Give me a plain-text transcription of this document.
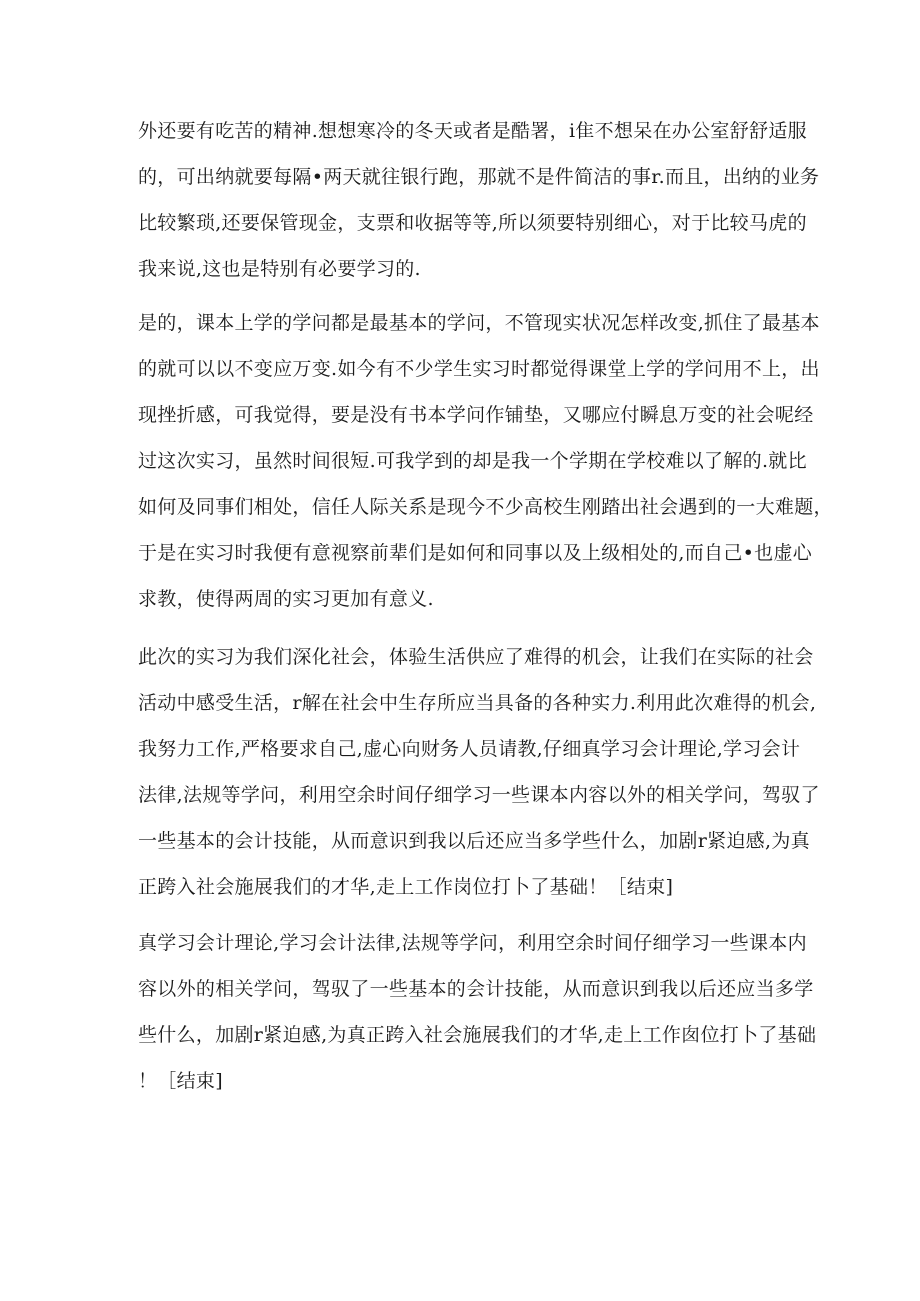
外还要有吃苦的精神.想想寒冷的冬天或者是酷署，i隹不想呆在办公室舒舒适服
的，可出纳就要每隔•两天就往银行跑，那就不是件简洁的事r.而且，出纳的业务
比较繁琐,还要保管现金，支票和收据等等,所以须要特别细心，对于比较马虎的
我来说,这也是特别有必要学习的.
是的，课本上学的学问都是最基本的学问，不管现实状况怎样改变,抓住了最基本
的就可以以不变应万变.如今有不少学生实习时都觉得课堂上学的学问用不上，出
现挫折感，可我觉得，要是没有书本学问作铺垫，又哪应付瞬息万变的社会呢经
过这次实习，虽然时间很短.可我学到的却是我一个学期在学校难以了解的.就比
如何及同事们相处，信任人际关系是现今不少高校生刚踏出社会遇到的一大难题，
于是在实习时我便有意视察前辈们是如何和同事以及上级相处的,而自己•也虚心
求教，使得两周的实习更加有意义.
此次的实习为我们深化社会，体验生活供应了难得的机会，让我们在实际的社会
活动中感受生活，r解在社会中生存所应当具备的各种实力.利用此次难得的机会,
我努力工作,严格要求自己,虚心向财务人员请教,仔细真学习会计理论,学习会计
法律,法规等学问，利用空余时间仔细学习一些课本内容以外的相关学问，驾驭了
一些基本的会计技能，从而意识到我以后还应当多学些什么，加剧r紧迫感,为真
正跨入社会施展我们的才华,走上工作岗位打卜了基础！［结束]
真学习会计理论,学习会计法律,法规等学问，利用空余时间仔细学习一些课本内
容以外的相关学问，驾驭了一些基本的会计技能，从而意识到我以后还应当多学
些什么，加剧r紧迫感,为真正跨入社会施展我们的才华,走上工作囱位打卜了基础
！［结束]
